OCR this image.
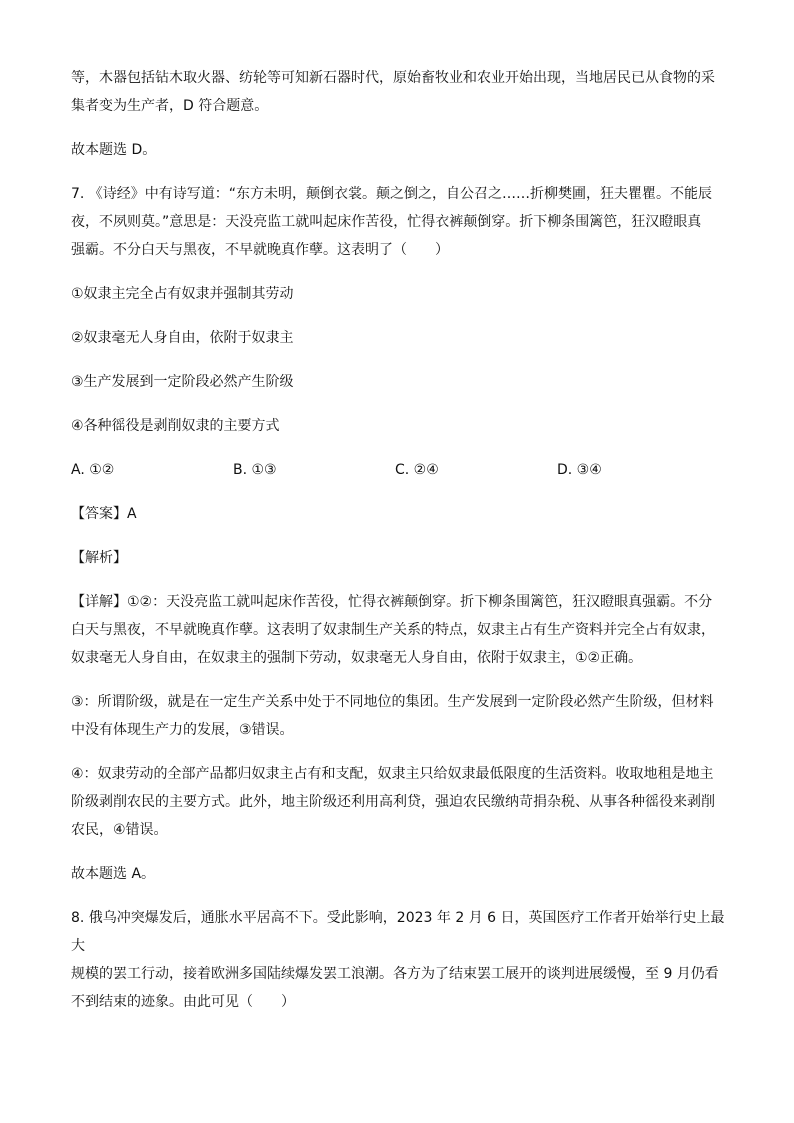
等，木器包括钻木取火器、纺轮等可知新石器时代，原始畜牧业和农业开始出现，当地居民已从食物的采

集者变为生产者，D 符合题意。

故本题选 D。

7. 《诗经》中有诗写道：“东方未明，颠倒衣裳。颠之倒之，自公召之……折柳樊圃，狂夫瞿瞿。不能辰

夜，不夙则莫。”意思是：天没亮监工就叫起床作苦役，忙得衣裤颠倒穿。折下柳条围篱笆，狂汉瞪眼真

强霸。不分白天与黑夜，不早就晚真作孽。这表明了（　　）

①奴隶主完全占有奴隶并强制其劳动

②奴隶毫无人身自由，依附于奴隶主

③生产发展到一定阶段必然产生阶级

④各种徭役是剥削奴隶的主要方式

A. ①②	B. ①③	C. ②④	D. ③④

【答案】A

【解析】

【详解】①②：天没亮监工就叫起床作苦役，忙得衣裤颠倒穿。折下柳条围篱笆，狂汉瞪眼真强霸。不分

白天与黑夜，不早就晚真作孽。这表明了奴隶制生产关系的特点，奴隶主占有生产资料并完全占有奴隶，

奴隶毫无人身自由，在奴隶主的强制下劳动，奴隶毫无人身自由，依附于奴隶主，①②正确。

③：所谓阶级，就是在一定生产关系中处于不同地位的集团。生产发展到一定阶段必然产生阶级，但材料

中没有体现生产力的发展，③错误。

④：奴隶劳动的全部产品都归奴隶主占有和支配，奴隶主只给奴隶最低限度的生活资料。收取地租是地主

阶级剥削农民的主要方式。此外，地主阶级还利用高利贷，强迫农民缴纳苛捐杂税、从事各种徭役来剥削

农民，④错误。

故本题选 A。

8. 俄乌冲突爆发后，通胀水平居高不下。受此影响，2023 年 2 月 6 日，英国医疗工作者开始举行史上最大

规模的罢工行动，接着欧洲多国陆续爆发罢工浪潮。各方为了结束罢工展开的谈判进展缓慢，至 9 月仍看

不到结束的迹象。由此可见（　　）
